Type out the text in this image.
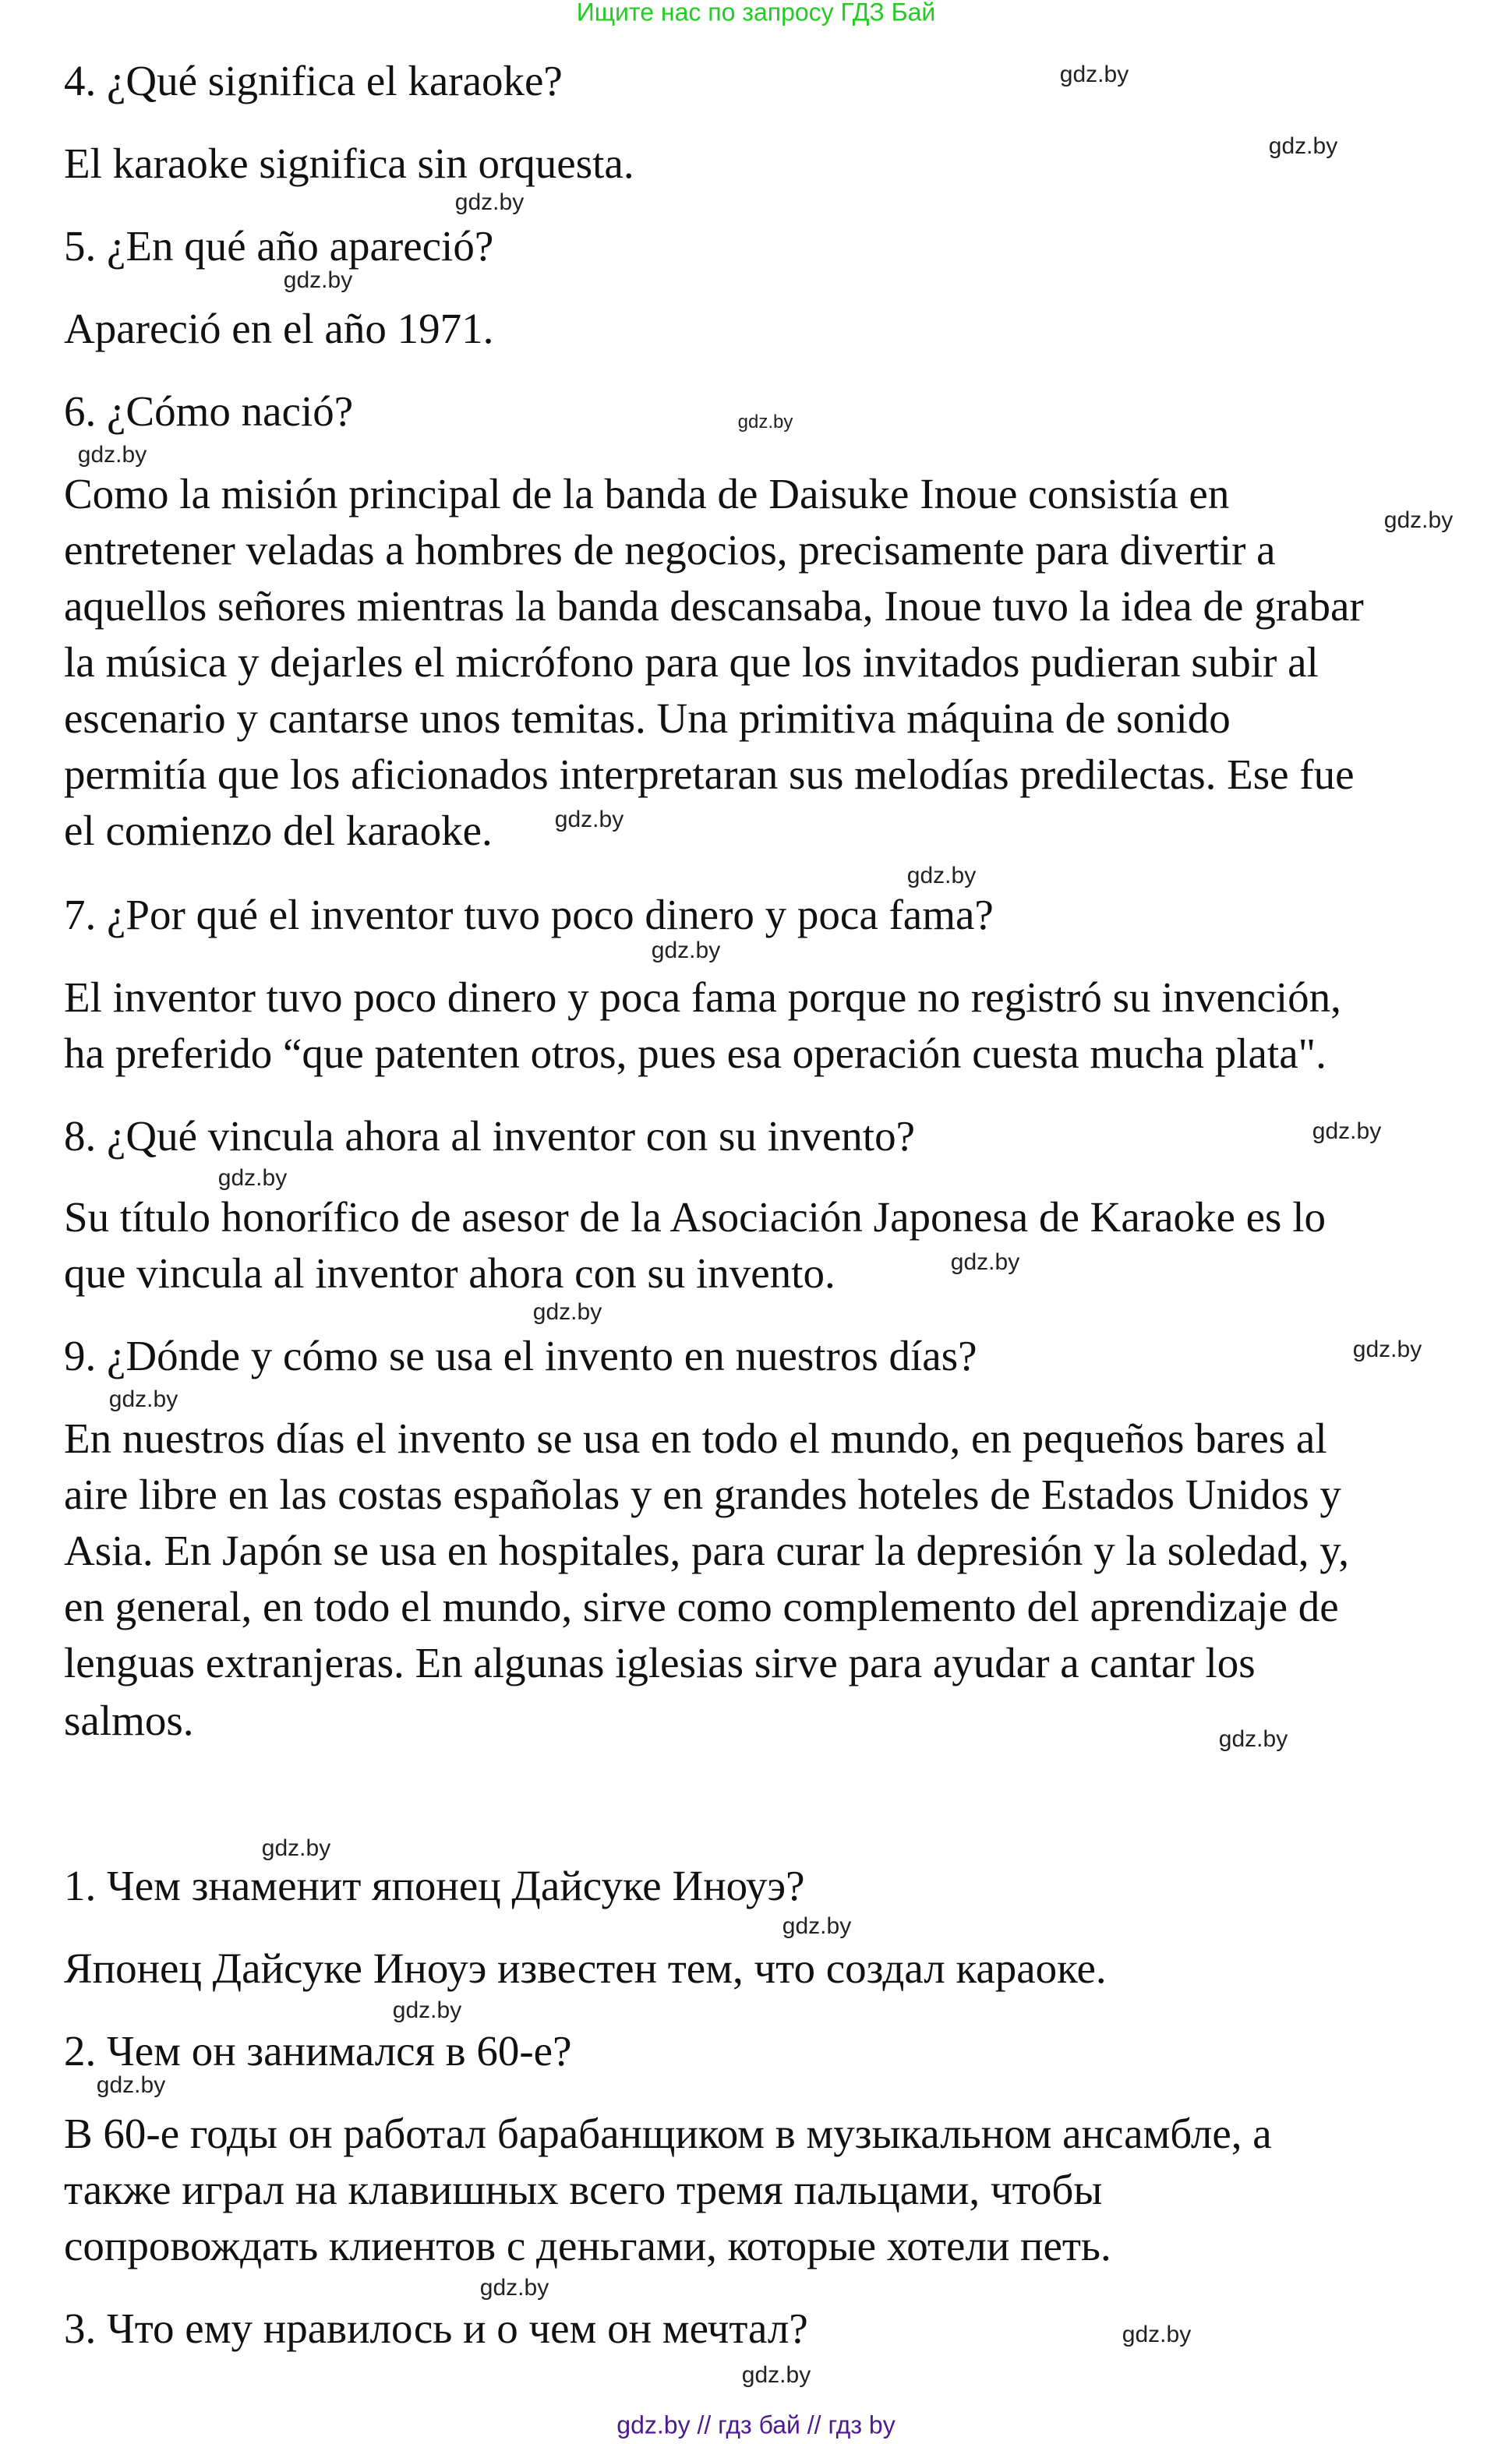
Ищите нас по запросу ГДЗ Бай
4. ¿Qué significa el karaoke?
El karaoke significa sin orquesta.
5. ¿En qué año apareció?
Apareció en el año 1971.
6. ¿Cómo nació?
Como la misión principal de la banda de Daisuke Inoue consistía en
entretener veladas a hombres de negocios, precisamente para divertir a
aquellos señores mientras la banda descansaba, Inoue tuvo la idea de grabar
la música y dejarles el micrófono para que los invitados pudieran subir al
escenario y cantarse unos temitas. Una primitiva máquina de sonido
permitía que los aficionados interpretaran sus melodías predilectas. Ese fue
el comienzo del karaoke.
7. ¿Por qué el inventor tuvo poco dinero y poca fama?
El inventor tuvo poco dinero y poca fama porque no registró su invención,
ha preferido “que patenten otros, pues esa operación cuesta mucha plata".
8. ¿Qué vincula ahora al inventor con su invento?
Su título honorífico de asesor de la Asociación Japonesa de Karaoke es lo
que vincula al inventor ahora con su invento.
9. ¿Dónde y cómo se usa el invento en nuestros días?
En nuestros días el invento se usa en todo el mundo, en pequeños bares al
aire libre en las costas españolas y en grandes hoteles de Estados Unidos y
Asia. En Japón se usa en hospitales, para curar la depresión y la soledad, y,
en general, en todo el mundo, sirve como complemento del aprendizaje de
lenguas extranjeras. En algunas iglesias sirve para ayudar a cantar los
salmos.
1. Чем знаменит японец Дайсуке Иноуэ?
Японец Дайсуке Иноуэ известен тем, что создал караоке.
2. Чем он занимался в 60-е?
В 60-е годы он работал барабанщиком в музыкальном ансамбле, а
также играл на клавишных всего тремя пальцами, чтобы
сопровождать клиентов с деньгами, которые хотели петь.
3. Что ему нравилось и о чем он мечтал?
gdz.by
gdz.by
gdz.by
gdz.by
gdz.by
gdz.by
gdz.by
gdz.by
gdz.by
gdz.by
gdz.by
gdz.by
gdz.by
gdz.by
gdz.by
gdz.by
gdz.by
gdz.by
gdz.by
gdz.by
gdz.by
gdz.by
gdz.by
gdz.by
gdz.by // гдз бай // гдз by
